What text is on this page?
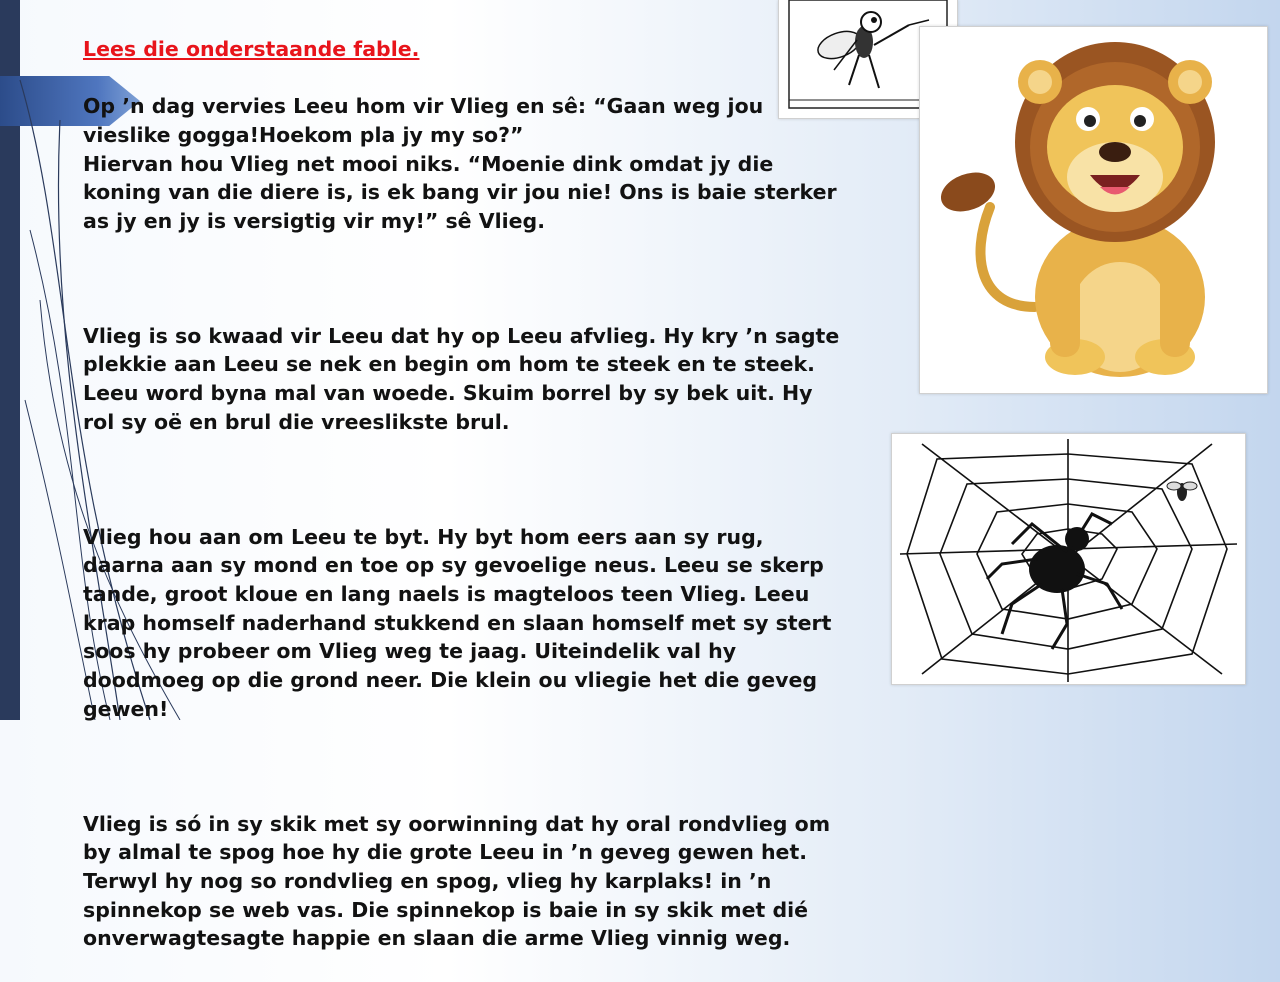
Lees die onderstaande fable.

Op ’n dag vervies Leeu hom vir Vlieg en sê: “Gaan weg jou
vieslike gogga!Hoekom pla jy my so?”
Hiervan hou Vlieg net mooi niks. “Moenie dink omdat jy die
koning van die diere is, is ek bang vir jou nie! Ons is baie sterker
as jy en jy is versigtig vir my!” sê Vlieg.

Vlieg is so kwaad vir Leeu dat hy op Leeu afvlieg. Hy kry ’n sagte
plekkie aan Leeu se nek en begin om hom te steek en te steek.
Leeu word byna mal van woede. Skuim borrel by sy bek uit. Hy
rol sy oë en brul die vreeslikste brul.

Vlieg hou aan om Leeu te byt. Hy byt hom eers aan sy rug,
daarna aan sy mond en toe op sy gevoelige neus. Leeu se skerp
tande, groot kloue en lang naels is magteloos teen Vlieg. Leeu
krap homself naderhand stukkend en slaan homself met sy stert
soos hy probeer om Vlieg weg te jaag. Uiteindelik val hy
doodmoeg op die grond neer. Die klein ou vliegie het die geveg
gewen!

Vlieg is só in sy skik met sy oorwinning dat hy oral rondvlieg om
by almal te spog hoe hy die grote Leeu in ’n geveg gewen het.
Terwyl hy nog so rondvlieg en spog, vlieg hy karplaks! in ’n
spinnekop se web vas. Die spinnekop is baie in sy skik met dié
onverwagtesagte happie en slaan die arme Vlieg vinnig weg.
